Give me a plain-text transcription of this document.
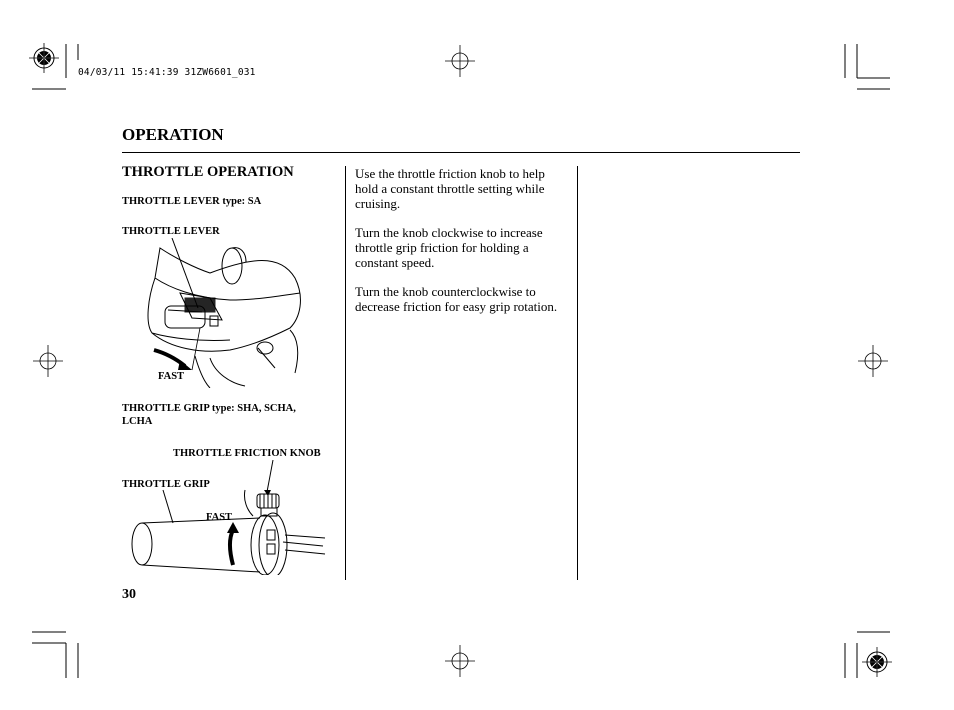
04/03/11 15:41:39 31ZW6601_031
OPERATION
THROTTLE OPERATION
THROTTLE LEVER type: SA
THROTTLE LEVER
FAST
THROTTLE GRIP type: SHA, SCHA, LCHA
THROTTLE FRICTION KNOB
THROTTLE GRIP
FAST
Use the throttle friction knob to help hold a constant throttle setting while cruising.
Turn the knob clockwise to increase throttle grip friction for holding a constant speed.
Turn the knob counterclockwise to decrease friction for easy grip rotation.
30
